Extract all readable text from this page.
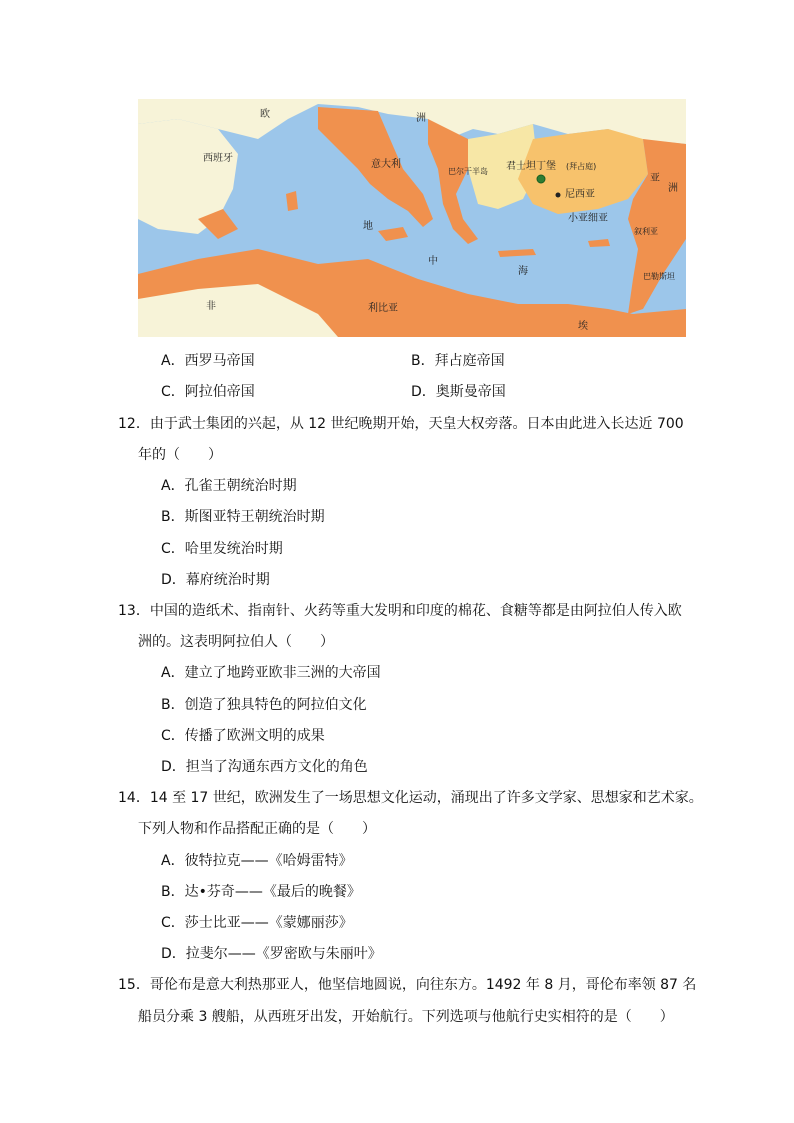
欧	洲
西班牙
意大利
巴尔干半岛 君士坦丁堡 (拜占庭)
尼西亚
小亚细亚
亚
洲
叙利亚
巴勒斯坦
地
中
海
非	利比亚
埃
A．西罗马帝国	B．拜占庭帝国
C．阿拉伯帝国	D．奥斯曼帝国
12．由于武士集团的兴起，从 12 世纪晚期开始，天皇大权旁落。日本由此进入长达近 700
年的（　　）
A．孔雀王朝统治时期
B．斯图亚特王朝统治时期
C．哈里发统治时期
D．幕府统治时期
13．中国的造纸术、指南针、火药等重大发明和印度的棉花、食糖等都是由阿拉伯人传入欧
洲的。这表明阿拉伯人（　　）
A．建立了地跨亚欧非三洲的大帝国
B．创造了独具特色的阿拉伯文化
C．传播了欧洲文明的成果
D．担当了沟通东西方文化的角色
14．14 至 17 世纪，欧洲发生了一场思想文化运动，涌现出了许多文学家、思想家和艺术家。
下列人物和作品搭配正确的是（　　）
A．彼特拉克——《哈姆雷特》
B．达•芬奇——《最后的晚餐》
C．莎士比亚——《蒙娜丽莎》
D．拉斐尔——《罗密欧与朱丽叶》
15．哥伦布是意大利热那亚人，他坚信地圆说，向往东方。1492 年 8 月，哥伦布率领 87 名
船员分乘 3 艘船，从西班牙出发，开始航行。下列选项与他航行史实相符的是（　　）
